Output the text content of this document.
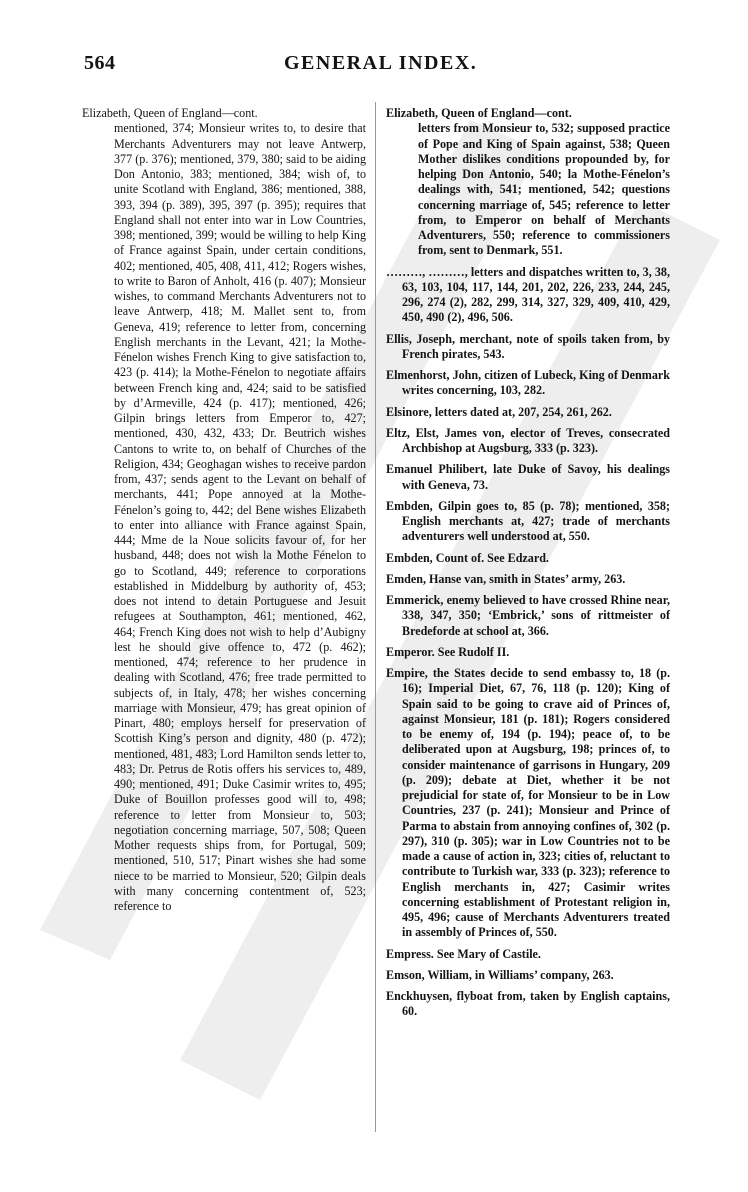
564	GENERAL INDEX.
Elizabeth, Queen of England—cont.
mentioned, 374; Monsieur writes to, to desire that Merchants Adventurers may not leave Antwerp, 377 (p. 376); mentioned, 379, 380; said to be aiding Don Antonio, 383; mentioned, 384; wish of, to unite Scotland with England, 386; mentioned, 388, 393, 394 (p. 389), 395, 397 (p. 395); requires that England shall not enter into war in Low Countries, 398; mentioned, 399; would be willing to help King of France against Spain, under certain conditions, 402; mentioned, 405, 408, 411, 412; Rogers wishes, to write to Baron of Anholt, 416 (p. 407); Monsieur wishes, to command Merchants Adventurers not to leave Antwerp, 418; M. Mallet sent to, from Geneva, 419; reference to letter from, concerning English merchants in the Levant, 421; la Mothe-Fénelon wishes French King to give satisfaction to, 423 (p. 414); la Mothe-Fénelon to negotiate affairs between French king and, 424; said to be satisfied by d’Armeville, 424 (p. 417); mentioned, 426; Gilpin brings letters from Emperor to, 427; mentioned, 430, 432, 433; Dr. Beutrich wishes Cantons to write to, on behalf of Churches of the Religion, 434; Geoghagan wishes to receive pardon from, 437; sends agent to the Levant on behalf of merchants, 441; Pope annoyed at la Mothe-Fénelon’s going to, 442; del Bene wishes Elizabeth to enter into alliance with France against Spain, 444; Mme de la Noue solicits favour of, for her husband, 448; does not wish la Mothe Fénelon to go to Scotland, 449; reference to corporations established in Middelburg by authority of, 453; does not intend to detain Portuguese and Jesuit refugees at Southampton, 461; mentioned, 462, 464; French King does not wish to help d’Aubigny lest he should give offence to, 472 (p. 462); mentioned, 474; reference to her prudence in dealing with Scotland, 476; free trade permitted to subjects of, in Italy, 478; her wishes concerning marriage with Monsieur, 479; has great opinion of Pinart, 480; employs herself for preservation of Scottish King’s person and dignity, 480 (p. 472); mentioned, 481, 483; Lord Hamilton sends letter to, 483; Dr. Petrus de Rotis offers his services to, 489, 490; mentioned, 491; Duke Casimir writes to, 495; Duke of Bouillon professes good will to, 498; reference to letter from Monsieur to, 503; negotiation concerning marriage, 507, 508; Queen Mother requests ships from, for Portugal, 509; mentioned, 510, 517; Pinart wishes she had some niece to be married to Monsieur, 520; Gilpin deals with many concerning contentment of, 523; reference to
Elizabeth, Queen of England—cont.
letters from Monsieur to, 532; supposed practice of Pope and King of Spain against, 538; Queen Mother dislikes conditions propounded by, for helping Don Antonio, 540; la Mothe-Fénelon’s dealings with, 541; mentioned, 542; questions concerning marriage of, 545; reference to letter from, to Emperor on behalf of Merchants Adventurers, 550; reference to commissioners from, sent to Denmark, 551.
………, ………, letters and dispatches written to, 3, 38, 63, 103, 104, 117, 144, 201, 202, 226, 233, 244, 245, 296, 274 (2), 282, 299, 314, 327, 329, 409, 410, 429, 450, 490 (2), 496, 506.
Ellis, Joseph, merchant, note of spoils taken from, by French pirates, 543.
Elmenhorst, John, citizen of Lubeck, King of Denmark writes concerning, 103, 282.
Elsinore, letters dated at, 207, 254, 261, 262.
Eltz, Elst, James von, elector of Treves, consecrated Archbishop at Augsburg, 333 (p. 323).
Emanuel Philibert, late Duke of Savoy, his dealings with Geneva, 73.
Embden, Gilpin goes to, 85 (p. 78); mentioned, 358; English merchants at, 427; trade of merchants adventurers well understood at, 550.
Embden, Count of. See Edzard.
Emden, Hanse van, smith in States’ army, 263.
Emmerick, enemy believed to have crossed Rhine near, 338, 347, 350; ‘Embrick,’ sons of rittmeister of Bredeforde at school at, 366.
Emperor. See Rudolf II.
Empire, the States decide to send embassy to, 18 (p. 16); Imperial Diet, 67, 76, 118 (p. 120); King of Spain said to be going to crave aid of Princes of, against Monsieur, 181 (p. 181); Rogers considered to be enemy of, 194 (p. 194); peace of, to be deliberated upon at Augsburg, 198; princes of, to consider maintenance of garrisons in Hungary, 209 (p. 209); debate at Diet, whether it be not prejudicial for state of, for Monsieur to be in Low Countries, 237 (p. 241); Monsieur and Prince of Parma to abstain from annoying confines of, 302 (p. 297), 310 (p. 305); war in Low Countries not to be made a cause of action in, 323; cities of, reluctant to contribute to Turkish war, 333 (p. 323); reference to English merchants in, 427; Casimir writes concerning establishment of Protestant religion in, 495, 496; cause of Merchants Adventurers treated in assembly of Princes of, 550.
Empress. See Mary of Castile.
Emson, William, in Williams’ company, 263.
Enckhuysen, flyboat from, taken by English captains, 60.
